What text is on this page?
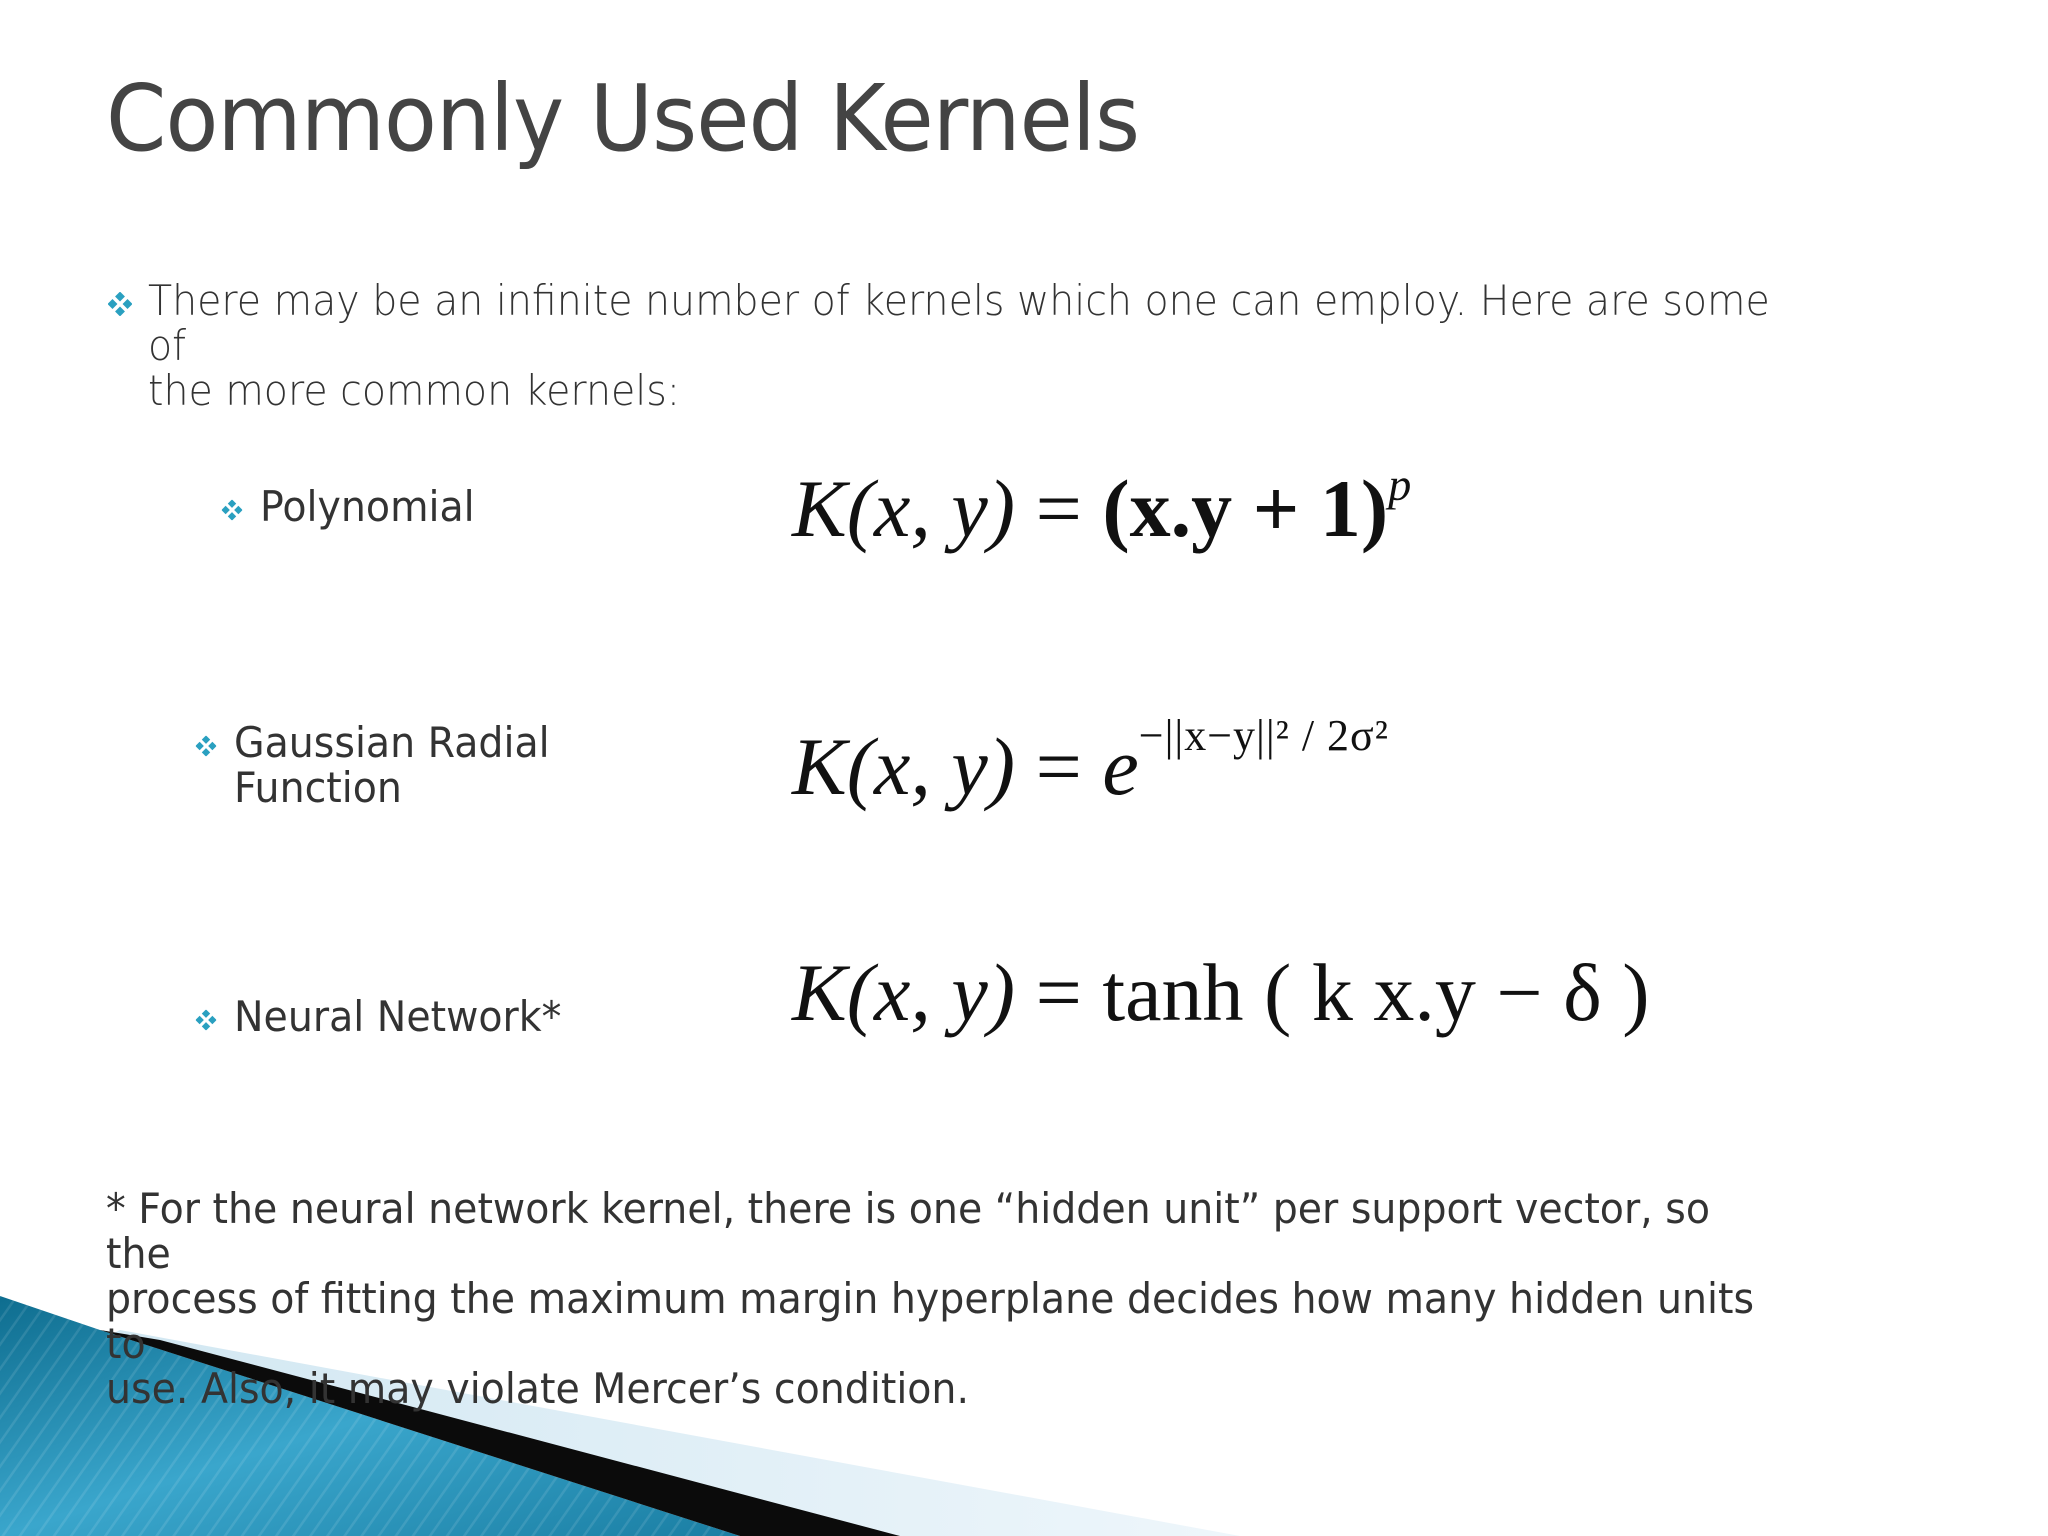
Commonly Used Kernels
There may be an infinite number of kernels which one can employ. Here are some of
the more common kernels:
Polynomial	K(x, $y) = (x.y + 1)^p$
Gaussian Radial
Function	K(x, $y) = e^{-||x-y||^2 / 2\sigma^2}$
Neural Network*	K(x, y) = tanh ( k x.y − δ )
* For the neural network kernel, there is one “hidden unit” per support vector, so the
process of fitting the maximum margin hyperplane decides how many hidden units to
use. Also, it may violate Mercer’s condition.
